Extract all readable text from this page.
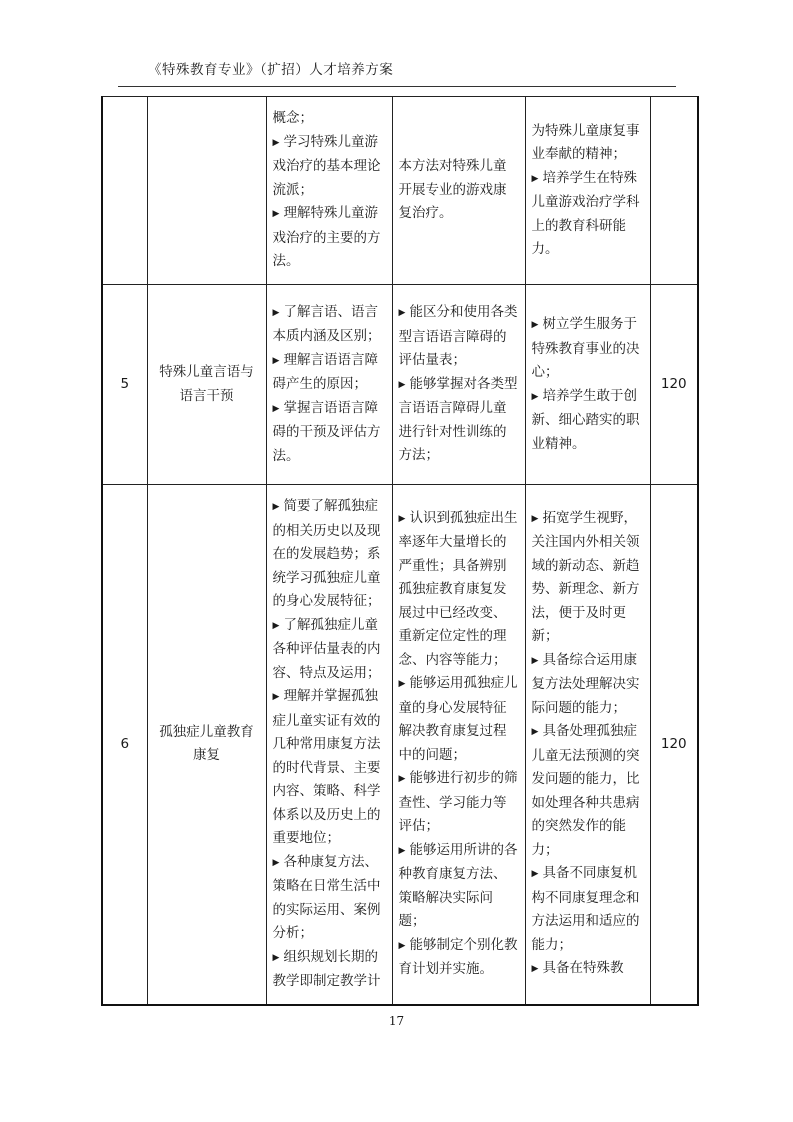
《特殊教育专业》（扩招）人才培养方案

		概念；
▶ 学习特殊儿童游戏治疗的基本理论流派；
▶ 理解特殊儿童游戏治疗的主要的方法。	本方法对特殊儿童开展专业的游戏康复治疗。	为特殊儿童康复事业奉献的精神；
▶ 培养学生在特殊儿童游戏治疗学科上的教育科研能力。	

5	特殊儿童言语与语言干预	▶ 了解言语、语言本质内涵及区别；
▶ 理解言语语言障碍产生的原因；
▶ 掌握言语语言障碍的干预及评估方法。	▶ 能区分和使用各类型言语语言障碍的评估量表；
▶ 能够掌握对各类型言语语言障碍儿童进行针对性训练的方法；	▶ 树立学生服务于特殊教育事业的决心；
▶ 培养学生敢于创新、细心踏实的职业精神。	120
6	孤独症儿童教育康复	▶ 简要了解孤独症的相关历史以及现在的发展趋势；系统学习孤独症儿童的身心发展特征；
▶ 了解孤独症儿童各种评估量表的内容、特点及运用；
▶ 理解并掌握孤独症儿童实证有效的几种常用康复方法的时代背景、主要内容、策略、科学体系以及历史上的重要地位；
▶ 各种康复方法、策略在日常生活中的实际运用、案例分析；
▶ 组织规划长期的教学即制定教学计	▶ 认识到孤独症出生率逐年大量增长的严重性；具备辨别孤独症教育康复发展过中已经改变、重新定位定性的理念、内容等能力；
▶ 能够运用孤独症儿童的身心发展特征解决教育康复过程中的问题；
▶ 能够进行初步的筛查性、学习能力等评估；
▶ 能够运用所讲的各种教育康复方法、策略解决实际问题；
▶ 能够制定个别化教育计划并实施。	▶ 拓宽学生视野，关注国内外相关领域的新动态、新趋势、新理念、新方法，便于及时更新；
▶ 具备综合运用康复方法处理解决实际问题的能力；
▶ 具备处理孤独症儿童无法预测的突发问题的能力，比如处理各种共患病的突然发作的能力；
▶ 具备不同康复机构不同康复理念和方法运用和适应的能力；
▶ 具备在特殊教	120
17
